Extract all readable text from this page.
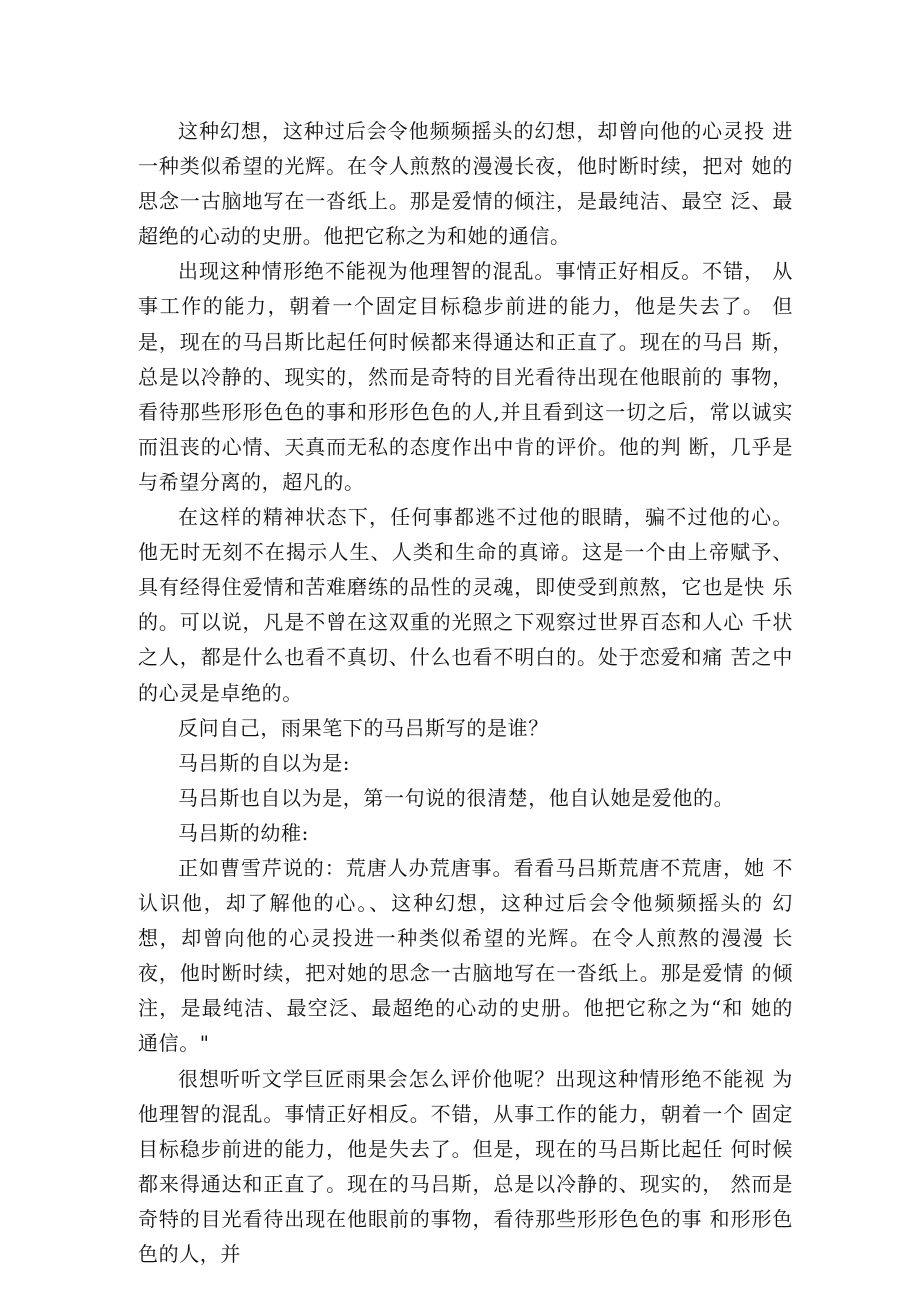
这种幻想，这种过后会令他频频摇头的幻想，却曾向他的心灵投 进一种类似希望的光辉。在令人煎熬的漫漫长夜，他时断时续，把对 她的思念一古脑地写在一沓纸上。那是爱情的倾注，是最纯洁、最空 泛、最超绝的心动的史册。他把它称之为和她的通信。

出现这种情形绝不能视为他理智的混乱。事情正好相反。不错， 从事工作的能力，朝着一个固定目标稳步前进的能力，他是失去了。 但是，现在的马吕斯比起任何时候都来得通达和正直了。现在的马吕 斯，总是以冷静的、现实的，然而是奇特的目光看待出现在他眼前的 事物，看待那些形形色色的事和形形色色的人,并且看到这一切之后，常以诚实而沮丧的心情、天真而无私的态度作出中肯的评价。他的判 断，几乎是与希望分离的，超凡的。

在这样的精神状态下，任何事都逃不过他的眼睛，骗不过他的心。 他无时无刻不在揭示人生、人类和生命的真谛。这是一个由上帝赋予、 具有经得住爱情和苦难磨练的品性的灵魂，即使受到煎熬，它也是快 乐的。可以说，凡是不曾在这双重的光照之下观察过世界百态和人心 千状之人，都是什么也看不真切、什么也看不明白的。处于恋爱和痛 苦之中的心灵是卓绝的。

反问自己，雨果笔下的马吕斯写的是谁？

马吕斯的自以为是:

马吕斯也自以为是，第一句说的很清楚，他自认她是爱他的。

马吕斯的幼稚:

正如曹雪芹说的：荒唐人办荒唐事。看看马吕斯荒唐不荒唐，她 不认识他，却了解他的心。、这种幻想，这种过后会令他频频摇头的 幻想，却曾向他的心灵投进一种类似希望的光辉。在令人煎熬的漫漫 长夜，他时断时续，把对她的思念一古脑地写在一沓纸上。那是爱情 的倾注，是最纯洁、最空泛、最超绝的心动的史册。他把它称之为“和 她的通信。"

很想听听文学巨匠雨果会怎么评价他呢？出现这种情形绝不能视 为他理智的混乱。事情正好相反。不错，从事工作的能力，朝着一个 固定目标稳步前进的能力，他是失去了。但是，现在的马吕斯比起任 何时候都来得通达和正直了。现在的马吕斯，总是以冷静的、现实的， 然而是奇特的目光看待出现在他眼前的事物，看待那些形形色色的事 和形形色色的人，并
